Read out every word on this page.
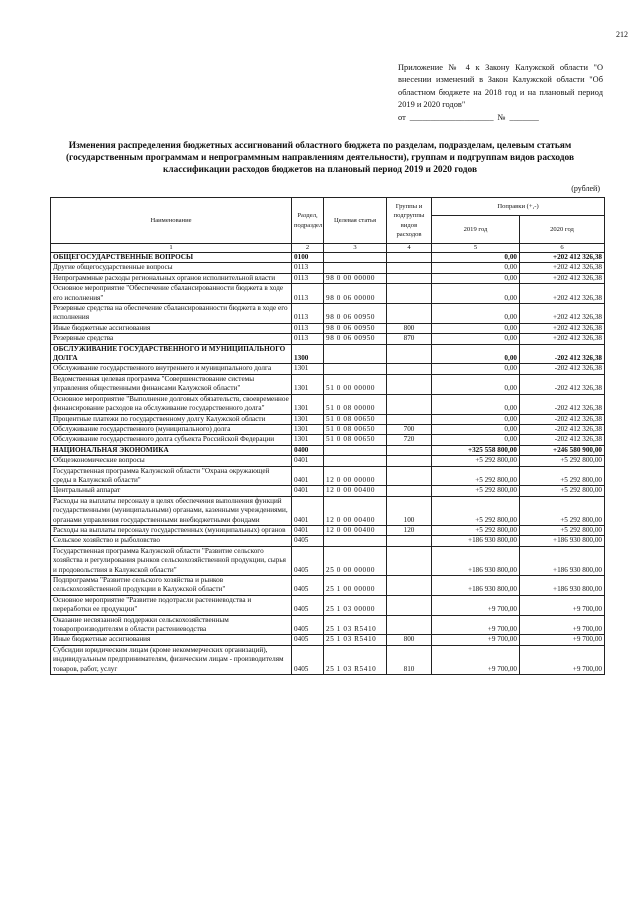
212
Приложение № 4 к Закону Калужской области "О внесении изменений в Закон Калужской области "Об областном бюджете на 2018 год и на плановый период 2019 и 2020 годов"
от ____________________ № _______
Изменения распределения бюджетных ассигнований областного бюджета по разделам, подразделам, целевым статьям (государственным программам и непрограммным направлениям деятельности), группам и подгруппам видов расходов классификации расходов бюджетов на плановый период 2019 и 2020 годов
(рублей)
Наименование	Раздел, подраздел	Целевая статья	Группы и подгруппы видов расходов	Поправки (+,-)	
				2019 год	2020 год
1	2	3	4	5	6
ОБЩЕГОСУДАРСТВЕННЫЕ ВОПРОСЫ	0100			0,00	+202 412 326,38
Другие общегосударственные вопросы	0113			0,00	+202 412 326,38
Непрограммные расходы региональных органов исполнительной власти	0113	98 0 00 00000		0,00	+202 412 326,38
Основное мероприятие "Обеспечение сбалансированности бюджета в ходе его исполнения"	0113	98 0 06 00000		0,00	+202 412 326,38
Резервные средства на обеспечение сбалансированности бюджета в ходе его исполнения	0113	98 0 06 00950		0,00	+202 412 326,38
Иные бюджетные ассигнования	0113	98 0 06 00950	800	0,00	+202 412 326,38
Резервные средства	0113	98 0 06 00950	870	0,00	+202 412 326,38
ОБСЛУЖИВАНИЕ ГОСУДАРСТВЕННОГО И МУНИЦИПАЛЬНОГО ДОЛГА	1300			0,00	-202 412 326,38
Обслуживание государственного внутреннего и муниципального долга	1301			0,00	-202 412 326,38
Ведомственная целевая программа "Совершенствование системы управления общественными финансами Калужской области"	1301	51 0 00 00000		0,00	-202 412 326,38
Основное мероприятие "Выполнение долговых обязательств, своевременное финансирование расходов на обслуживание государственного долга"	1301	51 0 08 00000		0,00	-202 412 326,38
Процентные платежи по государственному долгу Калужской области	1301	51 0 08 00650		0,00	-202 412 326,38
Обслуживание государственного (муниципального) долга	1301	51 0 08 00650	700	0,00	-202 412 326,38
Обслуживание государственного долга субъекта Российской Федерации	1301	51 0 08 00650	720	0,00	-202 412 326,38
НАЦИОНАЛЬНАЯ ЭКОНОМИКА	0400			+325 558 800,00	+246 580 900,00
Общеэкономические вопросы	0401			+5 292 800,00	+5 292 800,00
Государственная программа Калужской области "Охрана окружающей среды в Калужской области"	0401	12 0 00 00000		+5 292 800,00	+5 292 800,00
Центральный аппарат	0401	12 0 00 00400		+5 292 800,00	+5 292 800,00
Расходы на выплаты персоналу в целях обеспечения выполнения функций государственными (муниципальными) органами, казенными учреждениями, органами управления государственными внебюджетными фондами	0401	12 0 00 00400	100	+5 292 800,00	+5 292 800,00
Расходы на выплаты персоналу государственных (муниципальных) органов	0401	12 0 00 00400	120	+5 292 800,00	+5 292 800,00
Сельское хозяйство и рыболовство	0405			+186 930 800,00	+186 930 800,00
Государственная программа Калужской области "Развитие сельского хозяйства и регулирования рынков сельскохозяйственной продукции, сырья и продовольствия в Калужской области"	0405	25 0 00 00000		+186 930 800,00	+186 930 800,00
Подпрограмма "Развитие сельского хозяйства и рынков сельскохозяйственной продукции в Калужской области"	0405	25 1 00 00000		+186 930 800,00	+186 930 800,00
Основное мероприятие "Развитие подотрасли растениеводства и переработки ее продукции"	0405	25 1 03 00000		+9 700,00	+9 700,00
Оказание несвязанной поддержки сельскохозяйственным товаропроизводителям в области растениеводства	0405	25 1 03 R5410		+9 700,00	+9 700,00
Иные бюджетные ассигнования	0405	25 1 03 R5410	800	+9 700,00	+9 700,00
Субсидии юридическим лицам (кроме некоммерческих организаций), индивидуальным предпринимателям, физическим лицам - производителям товаров, работ, услуг	0405	25 1 03 R5410	810	+9 700,00	+9 700,00
